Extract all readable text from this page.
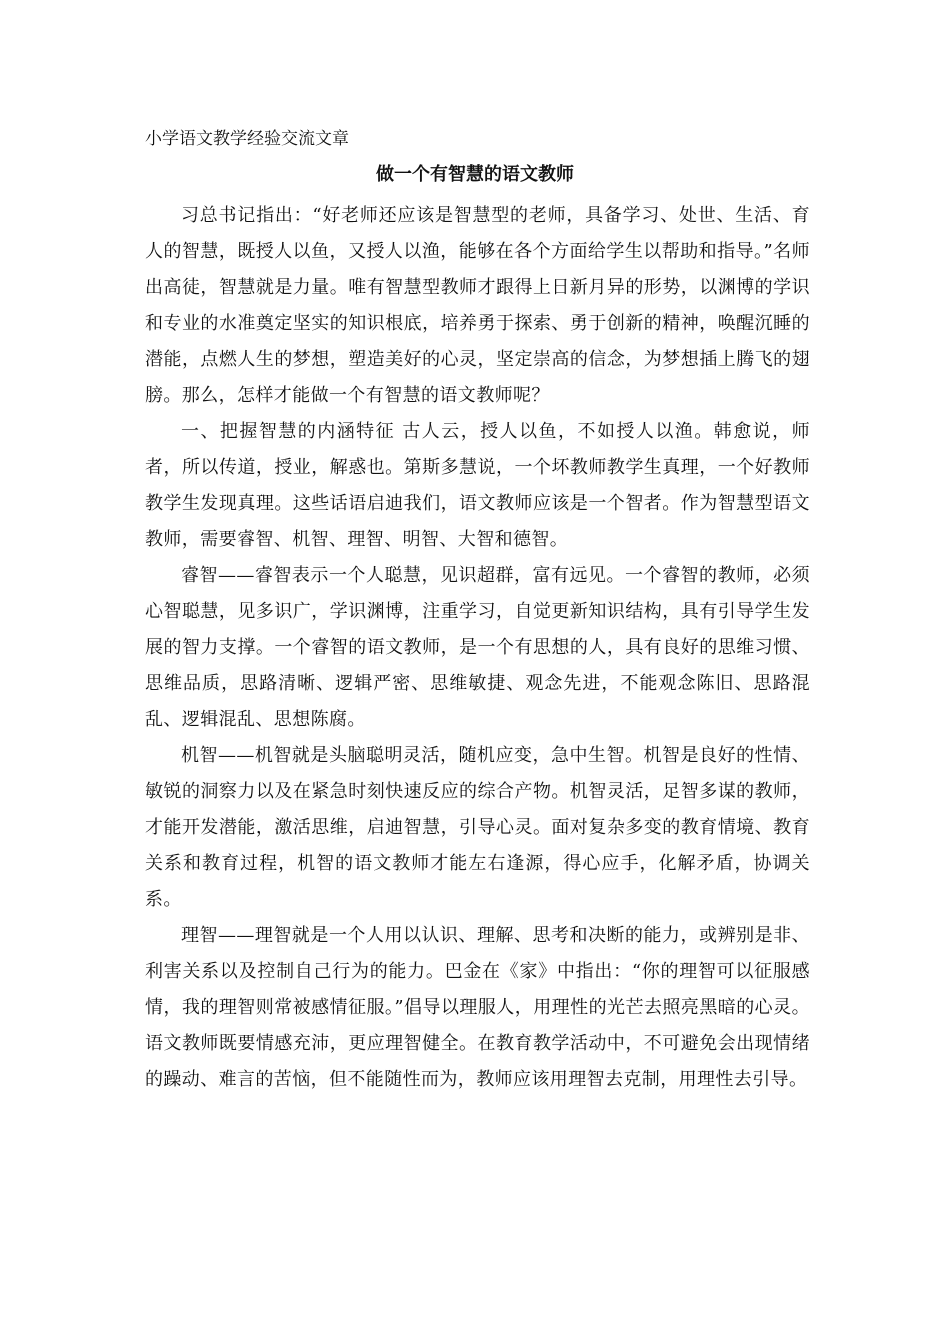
小学语文教学经验交流文章
做一个有智慧的语文教师

习总书记指出：“好老师还应该是智慧型的老师，具备学习、处世、生活、育人的智慧，既授人以鱼，又授人以渔，能够在各个方面给学生以帮助和指导。”名师出高徒，智慧就是力量。唯有智慧型教师才跟得上日新月异的形势，以渊博的学识和专业的水准奠定坚实的知识根底，培养勇于探索、勇于创新的精神，唤醒沉睡的潜能，点燃人生的梦想，塑造美好的心灵，坚定崇高的信念，为梦想插上腾飞的翅膀。那么，怎样才能做一个有智慧的语文教师呢？

一、把握智慧的内涵特征 古人云，授人以鱼，不如授人以渔。韩愈说，师者，所以传道，授业，解惑也。第斯多慧说，一个坏教师教学生真理，一个好教师教学生发现真理。这些话语启迪我们，语文教师应该是一个智者。作为智慧型语文教师，需要睿智、机智、理智、明智、大智和德智。

睿智——睿智表示一个人聪慧，见识超群，富有远见。一个睿智的教师，必须心智聪慧，见多识广，学识渊博，注重学习，自觉更新知识结构，具有引导学生发展的智力支撑。一个睿智的语文教师，是一个有思想的人，具有良好的思维习惯、思维品质，思路清晰、逻辑严密、思维敏捷、观念先进，不能观念陈旧、思路混乱、逻辑混乱、思想陈腐。

机智——机智就是头脑聪明灵活，随机应变，急中生智。机智是良好的性情、敏锐的洞察力以及在紧急时刻快速反应的综合产物。机智灵活，足智多谋的教师，才能开发潜能，激活思维，启迪智慧，引导心灵。面对复杂多变的教育情境、教育关系和教育过程，机智的语文教师才能左右逢源，得心应手，化解矛盾，协调关系。

理智——理智就是一个人用以认识、理解、思考和决断的能力，或辨别是非、利害关系以及控制自己行为的能力。巴金在《家》中指出：“你的理智可以征服感情，我的理智则常被感情征服。”倡导以理服人，用理性的光芒去照亮黑暗的心灵。语文教师既要情感充沛，更应理智健全。在教育教学活动中，不可避免会出现情绪的躁动、难言的苦恼，但不能随性而为，教师应该用理智去克制，用理性去引导。
